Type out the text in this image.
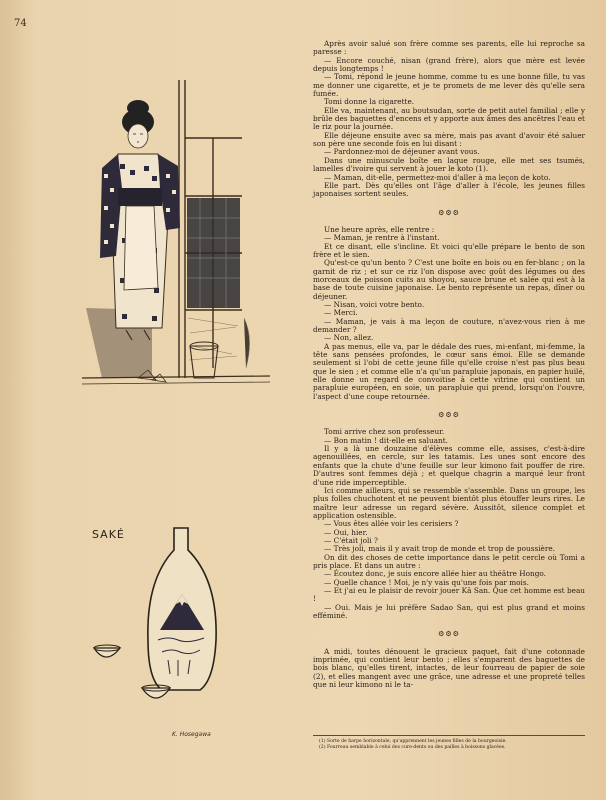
74
SAKÉ
K. Hosegawa

Après avoir salué son frère comme ses parents, elle lui reproche sa paresse :

— Encore couché, nisan (grand frère), alors que mère est levée depuis longtemps !

— Tomi, répond le jeune homme, comme tu es une bonne fille, tu vas me donner une cigarette, et je te promets de me lever dès qu'elle sera fumée.

Tomi donne la cigarette.

Elle va, maintenant, au boutsudan, sorte de petit autel familial ; elle y brûle des baguettes d'encens et y apporte aux âmes des ancêtres l'eau et le riz pour la journée.

Elle déjeune ensuite avec sa mère, mais pas avant d'avoir été saluer son père une seconde fois en lui disant :

— Pardonnez-moi de déjeuner avant vous.

Dans une minuscule boîte en laque rouge, elle met ses tsumés, lamelles d'ivoire qui servent à jouer le koto (1).

— Maman, dit-elle, permettez-moi d'aller à ma leçon de koto.

Elle part. Dès qu'elles ont l'âge d'aller à l'école, les jeunes filles japonaises sortent seules.

⚙⚙⚙

Une heure après, elle rentre :

— Maman, je rentre à l'instant.

Et ce disant, elle s'incline. Et voici qu'elle prépare le bento de son frère et le sien.

Qu'est-ce qu'un bento ? C'est une boîte en bois ou en fer-blanc ; on la garnit de riz ; et sur ce riz l'on dispose avec goût des légumes ou des morceaux de poisson cuits au shoyou, sauce brune et salée qui est à la base de toute cuisine japonaise. Le bento représente un repas, dîner ou déjeuner.

— Nisan, voici votre bento.

— Merci.

— Maman, je vais à ma leçon de couture, n'avez-vous rien à me demander ?

— Non, allez.

A pas menus, elle va, par le dédale des rues, mi-enfant, mi-femme, la tête sans pensées profondes, le cœur sans émoi. Elle se demande seulement si l'obi de cette jeune fille qu'elle croise n'est pas plus beau que le sien ; et comme elle n'a qu'un parapluie japonais, en papier huilé, elle donne un regard de convoitise à cette vitrine qui contient un parapluie européen, en soie, un parapluie qui prend, lorsqu'on l'ouvre, l'aspect d'une coupe retournée.

⚙⚙⚙

Tomi arrive chez son professeur.

— Bon matin ! dit-elle en saluant.

Il y a là une douzaine d'élèves comme elle, assises, c'est-à-dire agenouillées, en cercle, sur les tatamis. Les unes sont encore des enfants que la chute d'une feuille sur leur kimono fait pouffer de rire. D'autres sont femmes déjà ; et quelque chagrin a marqué leur front d'une ride imperceptible.

Ici comme ailleurs, qui se ressemble s'assemble. Dans un groupe, les plus folles chuchotent et ne peuvent bientôt plus étouffer leurs rires. Le maître leur adresse un regard sévère. Aussitôt, silence complet et application ostensible.

— Vous êtes allée voir les cerisiers ?

— Oui, hier.

— C'était joli ?

— Très joli, mais il y avait trop de monde et trop de poussière.

On dit des choses de cette importance dans le petit cercle où Tomi a pris place. Et dans un autre :

— Écoutez donc, je suis encore allée hier au théâtre Hongo.

— Quelle chance ! Moi, je n'y vais qu'une fois par mois.

— Et j'ai eu le plaisir de revoir jouer Kâ San. Que cet homme est beau !

— Oui. Mais je lui préfère Sadao San, qui est plus grand et moins efféminé.

⚙⚙⚙

A midi, toutes dénouent le gracieux paquet, fait d'une cotonnade imprimée, qui contient leur bento ; elles s'emparent des baguettes de bois blanc, qu'elles tirent, intactes, de leur fourreau de papier de soie (2), et elles mangent avec une grâce, une adresse et une propreté telles que ni leur kimono ni le ta-

(1) Sorte de harpe horizontale, qu'apprennent les jeunes filles de la bourgeoisie.
(2) Fourreau semblable à celui des cure-dents ou des pailles à boissons glacées.
